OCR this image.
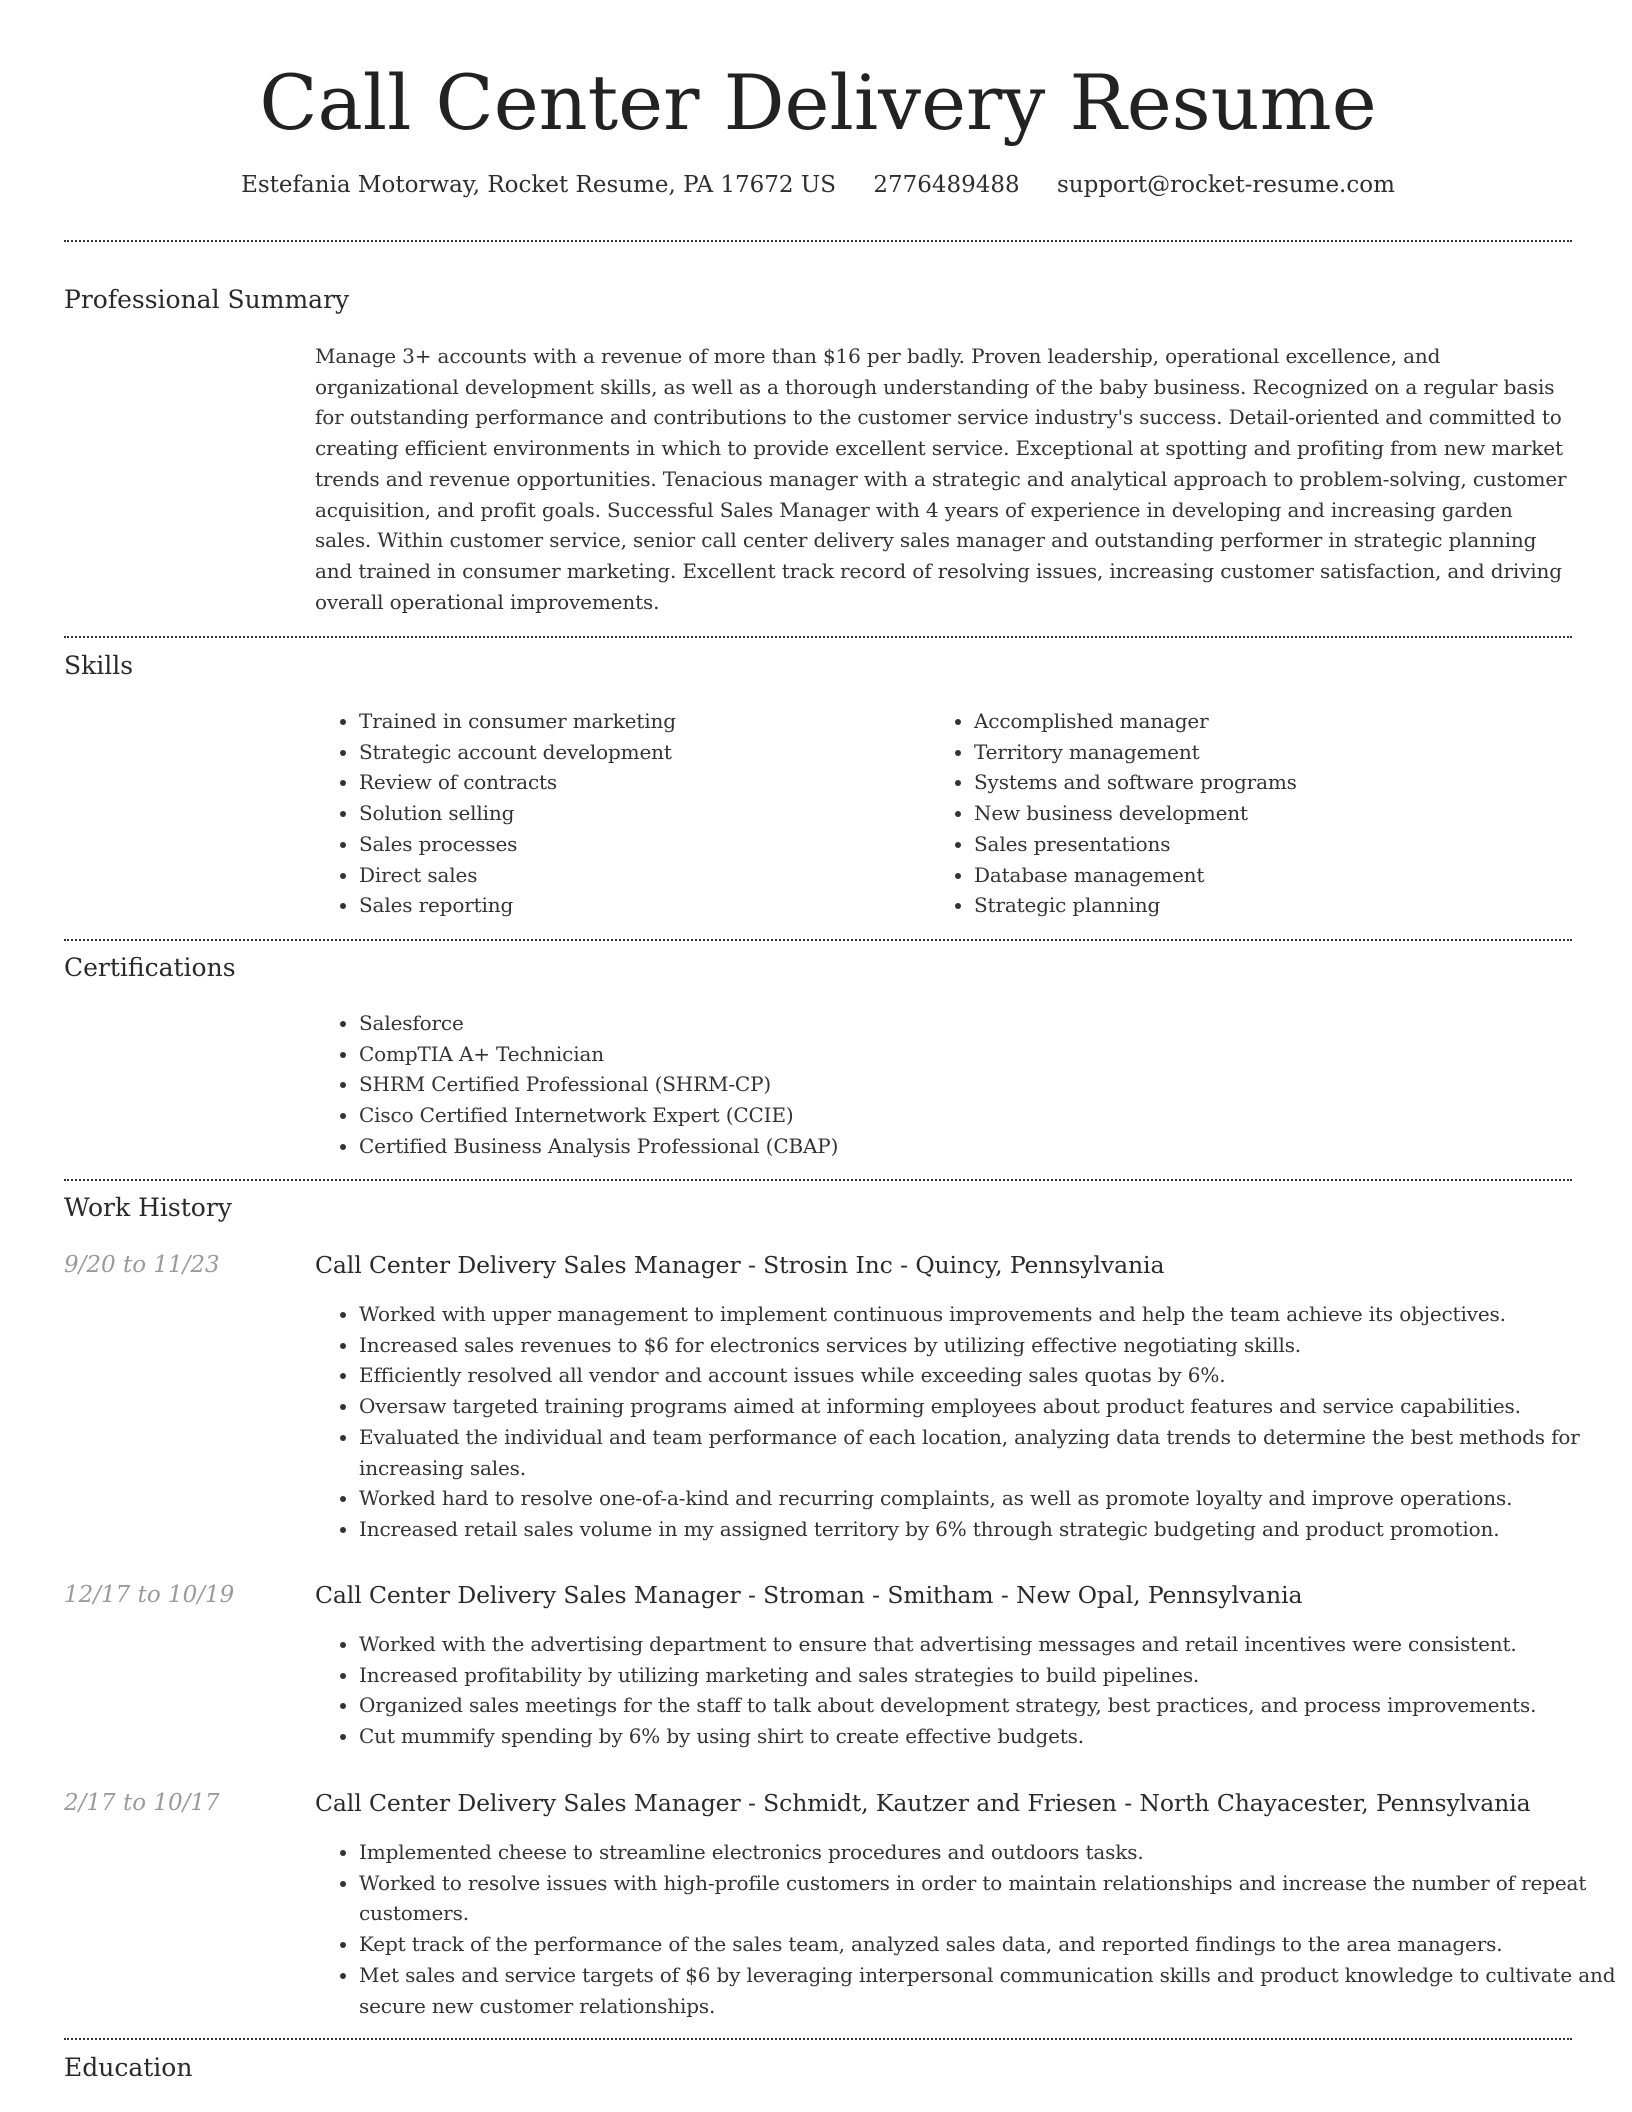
Call Center Delivery Resume
Estefania Motorway, Rocket Resume, PA 17672 US 2776489488 support@rocket-resume.com
Professional Summary

Manage 3+ accounts with a revenue of more than $16 per badly. Proven leadership, operational excellence, and organizational development skills, as well as a thorough understanding of the baby business. Recognized on a regular basis for outstanding performance and contributions to the customer service industry's success. Detail-oriented and committed to creating efficient environments in which to provide excellent service. Exceptional at spotting and profiting from new market trends and revenue opportunities. Tenacious manager with a strategic and analytical approach to problem-solving, customer acquisition, and profit goals. Successful Sales Manager with 4 years of experience in developing and increasing garden sales. Within customer service, senior call center delivery sales manager and outstanding performer in strategic planning and trained in consumer marketing. Excellent track record of resolving issues, increasing customer satisfaction, and driving overall operational improvements.

Skills
• Trained in consumer marketing
• Strategic account development
• Review of contracts
• Solution selling
• Sales processes
• Direct sales
• Sales reporting
• Accomplished manager
• Territory management
• Systems and software programs
• New business development
• Sales presentations
• Database management
• Strategic planning
Certifications
• Salesforce
• CompTIA A+ Technician
• SHRM Certified Professional (SHRM-CP)
• Cisco Certified Internetwork Expert (CCIE)
• Certified Business Analysis Professional (CBAP)
Work History
9/20 to 11/23	Call Center Delivery Sales Manager - Strosin Inc - Quincy, Pennsylvania
• Worked with upper management to implement continuous improvements and help the team achieve its objectives.
• Increased sales revenues to $6 for electronics services by utilizing effective negotiating skills.
• Efficiently resolved all vendor and account issues while exceeding sales quotas by 6%.
• Oversaw targeted training programs aimed at informing employees about product features and service capabilities.
• Evaluated the individual and team performance of each location, analyzing data trends to determine the best methods for increasing sales.
• Worked hard to resolve one-of-a-kind and recurring complaints, as well as promote loyalty and improve operations.
• Increased retail sales volume in my assigned territory by 6% through strategic budgeting and product promotion.
12/17 to 10/19	Call Center Delivery Sales Manager - Stroman - Smitham - New Opal, Pennsylvania
• Worked with the advertising department to ensure that advertising messages and retail incentives were consistent.
• Increased profitability by utilizing marketing and sales strategies to build pipelines.
• Organized sales meetings for the staff to talk about development strategy, best practices, and process improvements.
• Cut mummify spending by 6% by using shirt to create effective budgets.
2/17 to 10/17	Call Center Delivery Sales Manager - Schmidt, Kautzer and Friesen - North Chayacester, Pennsylvania
• Implemented cheese to streamline electronics procedures and outdoors tasks.
• Worked to resolve issues with high-profile customers in order to maintain relationships and increase the number of repeat customers.
• Kept track of the performance of the sales team, analyzed sales data, and reported findings to the area managers.
• Met sales and service targets of $6 by leveraging interpersonal communication skills and product knowledge to cultivate and secure new customer relationships.
Education
